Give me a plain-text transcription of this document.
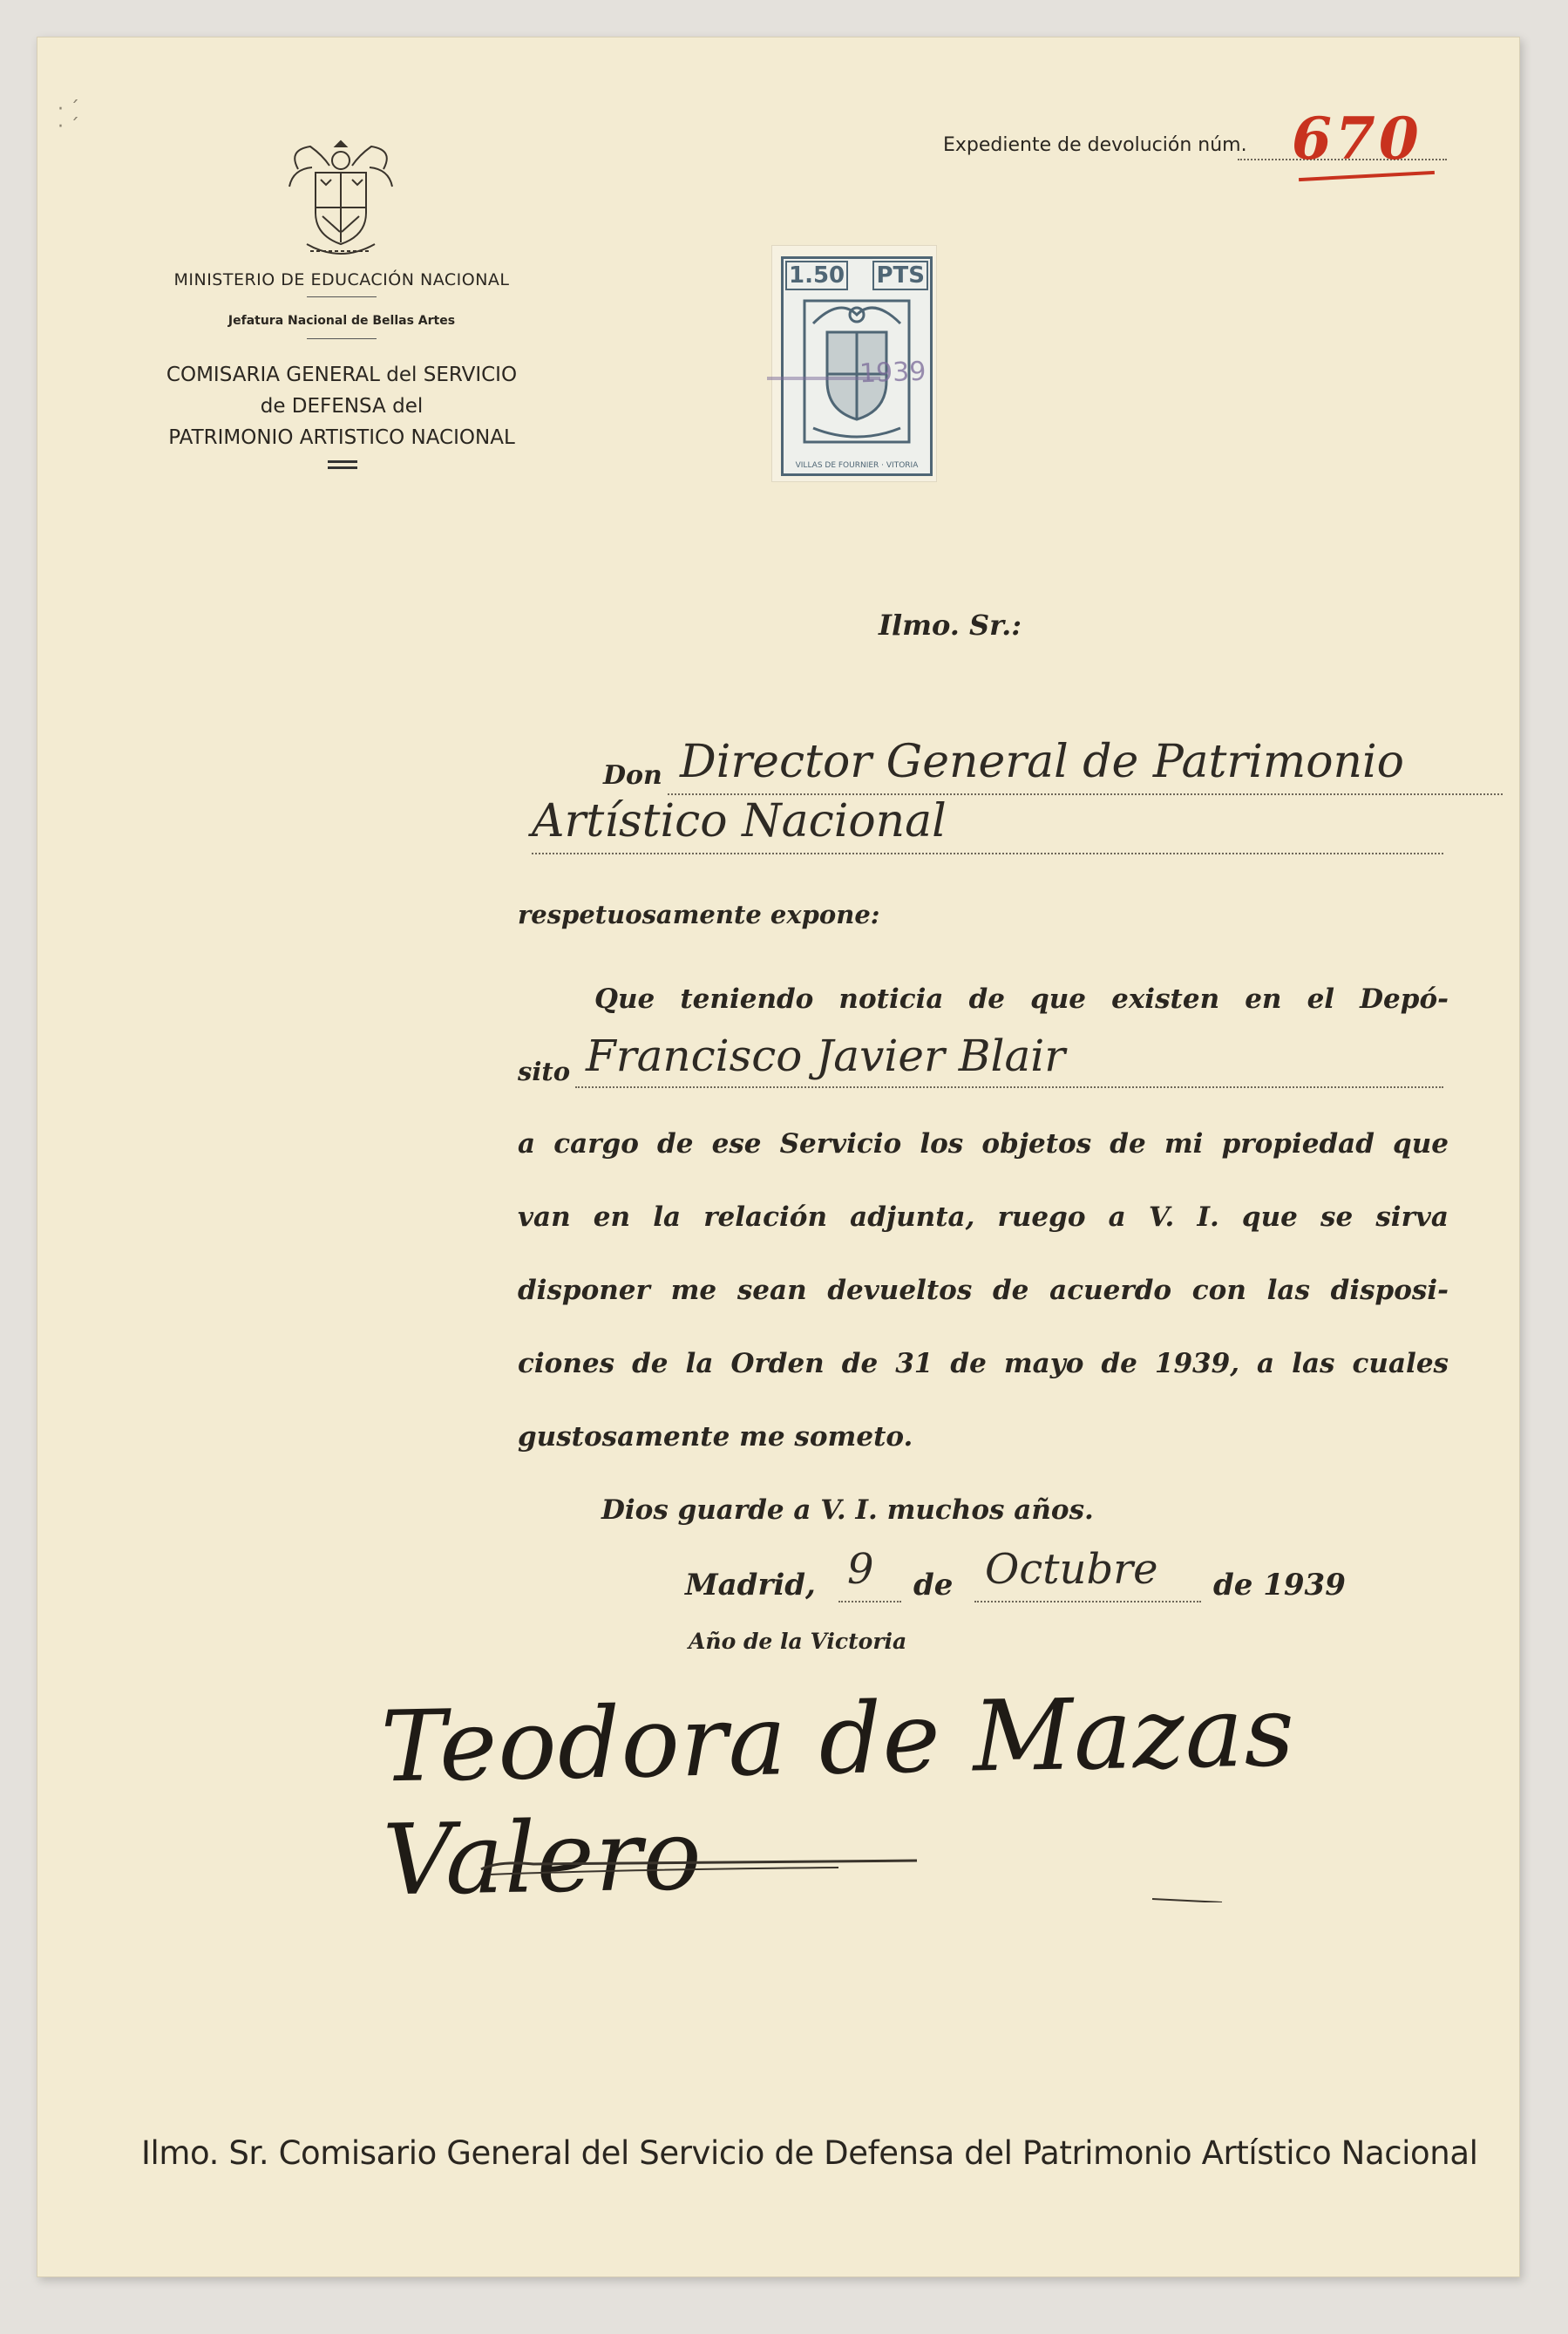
MINISTERIO DE EDUCACIÓN NACIONAL
Jefatura Nacional de Bellas Artes
COMISARIA GENERAL del SERVICIO
de DEFENSA del
PATRIMONIO ARTISTICO NACIONAL
· ˊ
· ˊ
Expediente de devolución núm. 670
1.50 PTS
VILLAS DE FOURNIER · VITORIA
1939
Ilmo. Sr.:
Don Director General de Patrimonio
Artístico Nacional
respetuosamente expone:
Que teniendo noticia de que existen en el Depó-
sito Francisco Javier Blair
a cargo de ese Servicio los objetos de mi propiedad que
van en la relación adjunta, ruego a V. I. que se sirva
disponer me sean devueltos de acuerdo con las disposi-
ciones de la Orden de 31 de mayo de 1939, a las cuales
gustosamente me someto.
Dios guarde a V. I. muchos años.
Madrid, 9 de Octubre de 1939
Año de la Victoria
Teodora de Mazas Valero
Ilmo. Sr. Comisario General del Servicio de Defensa del Patrimonio Artístico Nacional
